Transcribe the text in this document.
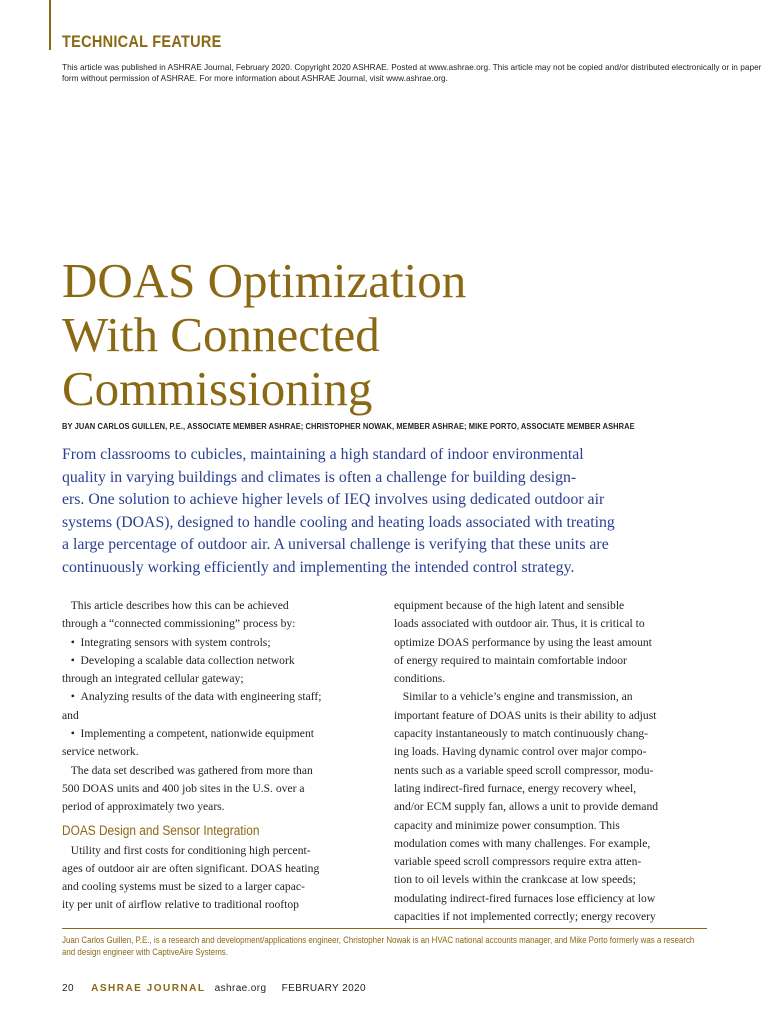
TECHNICAL FEATURE
This article was published in ASHRAE Journal, February 2020. Copyright 2020 ASHRAE. Posted at www.ashrae.org. This article may not be copied and/or distributed electronically or in paper form without permission of ASHRAE. For more information about ASHRAE Journal, visit www.ashrae.org.
DOAS Optimization
With Connected
Commissioning
BY JUAN CARLOS GUILLEN, P.E., ASSOCIATE MEMBER ASHRAE; CHRISTOPHER NOWAK, MEMBER ASHRAE; MIKE PORTO, ASSOCIATE MEMBER ASHRAE
From classrooms to cubicles, maintaining a high standard of indoor environmental
quality in varying buildings and climates is often a challenge for building design-
ers. One solution to achieve higher levels of IEQ involves using dedicated outdoor air
systems (DOAS), designed to handle cooling and heating loads associated with treating
a large percentage of outdoor air. A universal challenge is verifying that these units are
continuously working efficiently and implementing the intended control strategy.
This article describes how this can be achieved
through a “connected commissioning” process by:
•  Integrating sensors with system controls;
•  Developing a scalable data collection network
through an integrated cellular gateway;
•  Analyzing results of the data with engineering staff;
and
•  Implementing a competent, nationwide equipment
service network.
The data set described was gathered from more than
500 DOAS units and 400 job sites in the U.S. over a
period of approximately two years.
DOAS Design and Sensor Integration
Utility and first costs for conditioning high percent-
ages of outdoor air are often significant. DOAS heating
and cooling systems must be sized to a larger capac-
ity per unit of airflow relative to traditional rooftop
equipment because of the high latent and sensible
loads associated with outdoor air. Thus, it is critical to
optimize DOAS performance by using the least amount
of energy required to maintain comfortable indoor
conditions.
Similar to a vehicle’s engine and transmission, an
important feature of DOAS units is their ability to adjust
capacity instantaneously to match continuously chang-
ing loads. Having dynamic control over major compo-
nents such as a variable speed scroll compressor, modu-
lating indirect-fired furnace, energy recovery wheel,
and/or ECM supply fan, allows a unit to provide demand
capacity and minimize power consumption. This
modulation comes with many challenges. For example,
variable speed scroll compressors require extra atten-
tion to oil levels within the crankcase at low speeds;
modulating indirect-fired furnaces lose efficiency at low
capacities if not implemented correctly; energy recovery
Juan Carlos Guillen, P.E., is a research and development/applications engineer, Christopher Nowak is an HVAC national accounts manager, and Mike Porto formerly was a research
and design engineer with CaptiveAire Systems.
20 ASHRAE JOURNAL ashrae.org FEBRUARY 2020
